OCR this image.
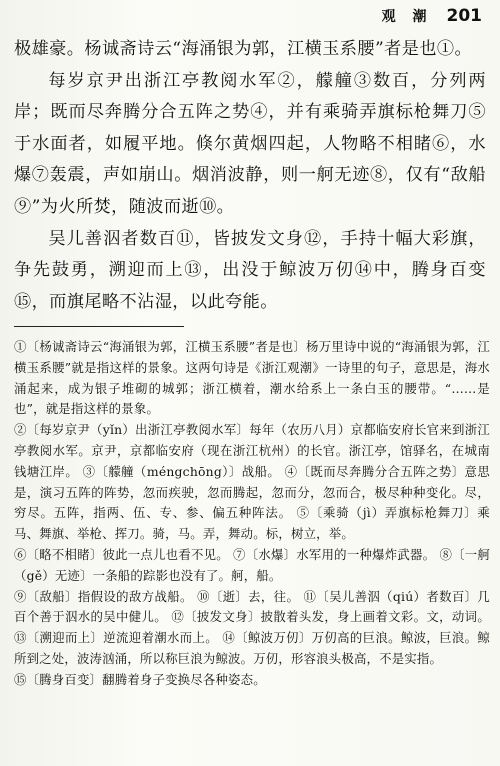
观 潮 201

极雄豪。杨诚斋诗云“海涌银为郭，江横玉系腰”者是也①。

每岁京尹出浙江亭教阅水军②，艨艟③数百，分列两岸；既而尽奔腾分合五阵之势④，并有乘骑弄旗标枪舞刀⑤于水面者，如履平地。倏尔黄烟四起，人物略不相睹⑥，水爆⑦轰震，声如崩山。烟消波静，则一舸无迹⑧，仅有“敌船⑨”为火所焚，随波而逝⑩。

吴儿善泅者数百⑪，皆披发文身⑫，手持十幅大彩旗，争先鼓勇，溯迎而上⑬，出没于鲸波万仞⑭中，腾身百变⑮，而旗尾略不沾湿，以此夸能。

①〔杨诚斋诗云“海涌银为郭，江横玉系腰”者是也〕杨万里诗中说的“海涌银为郭，江横玉系腰”就是指这样的景象。这两句诗是《浙江观潮》一诗里的句子，意思是，海水涌起来，成为银子堆砌的城郭；浙江横着，潮水给系上一条白玉的腰带。“……是也”，就是指这样的景象。

②〔每岁京尹（yǐn）出浙江亭教阅水军〕每年（农历八月）京都临安府长官来到浙江亭教阅水军。京尹，京都临安府（现在浙江杭州）的长官。浙江亭，馆驿名，在城南钱塘江岸。 ③〔艨艟（méngchōng）〕战船。 ④〔既而尽奔腾分合五阵之势〕意思是，演习五阵的阵势，忽而疾驶，忽而腾起，忽而分，忽而合，极尽种种变化。尽，穷尽。五阵，指两、伍、专、参、偏五种阵法。 ⑤〔乘骑（jì）弄旗标枪舞刀〕乘马、舞旗、举枪、挥刀。骑，马。弄，舞动。标，树立，举。

⑥〔略不相睹〕彼此一点儿也看不见。 ⑦〔水爆〕水军用的一种爆炸武器。 ⑧〔一舸（gě）无迹〕一条船的踪影也没有了。舸，船。

⑨〔敌船〕指假设的敌方战船。 ⑩〔逝〕去，往。 ⑪〔吴儿善泅（qiú）者数百〕几百个善于泅水的吴中健儿。 ⑫〔披发文身〕披散着头发，身上画着文彩。文，动词。 ⑬〔溯迎而上〕逆流迎着潮水而上。 ⑭〔鲸波万仞〕万仞高的巨浪。鲸波，巨浪。鲸所到之处，波涛汹涌，所以称巨浪为鲸波。万仞，形容浪头极高，不是实指。

⑮〔腾身百变〕翻腾着身子变换尽各种姿态。
